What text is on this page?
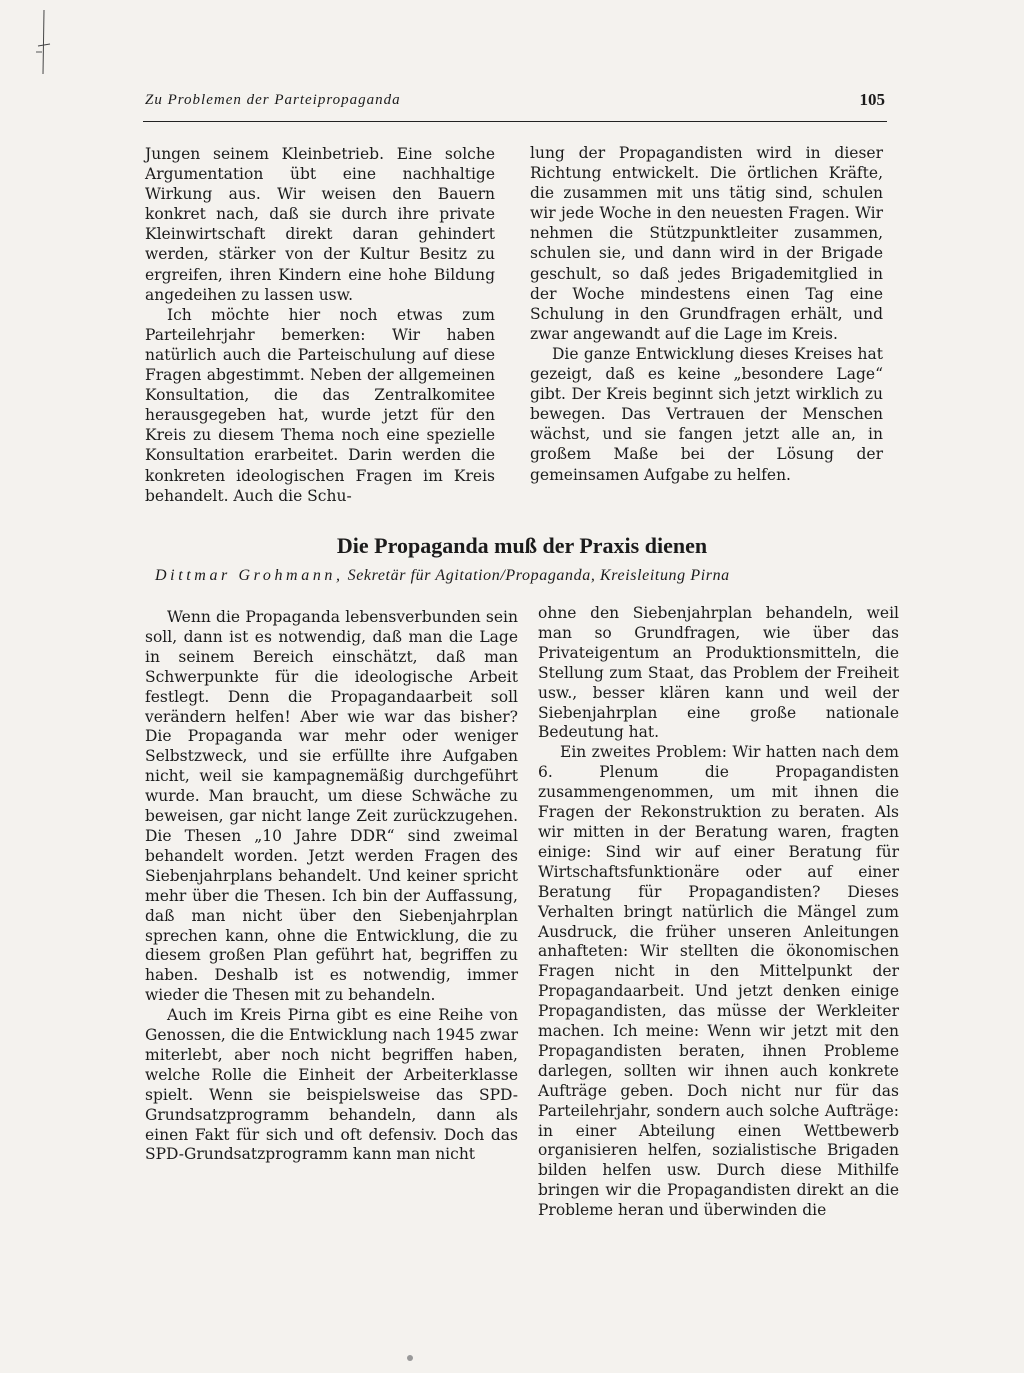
Zu Problemen der Parteipropaganda	105

Jungen seinem Kleinbetrieb. Eine solche Argumentation übt eine nachhaltige Wirkung aus. Wir weisen den Bauern konkret nach, daß sie durch ihre private Kleinwirtschaft direkt daran gehindert werden, stärker von der Kultur Besitz zu ergreifen, ihren Kindern eine hohe Bildung angedeihen zu lassen usw.

Ich möchte hier noch etwas zum Parteilehrjahr bemerken: Wir haben natürlich auch die Parteischulung auf diese Fragen abgestimmt. Neben der allgemeinen Konsultation, die das Zentralkomitee herausgegeben hat, wurde jetzt für den Kreis zu diesem Thema noch eine spezielle Konsultation erarbeitet. Darin werden die konkreten ideologischen Fragen im Kreis behandelt. Auch die Schu-

lung der Propagandisten wird in dieser Richtung entwickelt. Die örtlichen Kräfte, die zusammen mit uns tätig sind, schulen wir jede Woche in den neuesten Fragen. Wir nehmen die Stützpunktleiter zusammen, schulen sie, und dann wird in der Brigade geschult, so daß jedes Brigademitglied in der Woche mindestens einen Tag eine Schulung in den Grundfragen erhält, und zwar angewandt auf die Lage im Kreis.

Die ganze Entwicklung dieses Kreises hat gezeigt, daß es keine „besondere Lage“ gibt. Der Kreis beginnt sich jetzt wirklich zu bewegen. Das Vertrauen der Menschen wächst, und sie fangen jetzt alle an, in großem Maße bei der Lösung der gemeinsamen Aufgabe zu helfen.

Die Propaganda muß der Praxis dienen
Dittmar Grohmann, Sekretär für Agitation/Propaganda, Kreisleitung Pirna

Wenn die Propaganda lebensverbunden sein soll, dann ist es notwendig, daß man die Lage in seinem Bereich einschätzt, daß man Schwerpunkte für die ideologische Arbeit festlegt. Denn die Propagandaarbeit soll verändern helfen! Aber wie war das bisher? Die Propaganda war mehr oder weniger Selbstzweck, und sie erfüllte ihre Aufgaben nicht, weil sie kampagnemäßig durchgeführt wurde. Man braucht, um diese Schwäche zu beweisen, gar nicht lange Zeit zurückzugehen. Die Thesen „10 Jahre DDR“ sind zweimal behandelt worden. Jetzt werden Fragen des Siebenjahrplans behandelt. Und keiner spricht mehr über die Thesen. Ich bin der Auffassung, daß man nicht über den Siebenjahrplan sprechen kann, ohne die Entwicklung, die zu diesem großen Plan geführt hat, begriffen zu haben. Deshalb ist es notwendig, immer wieder die Thesen mit zu behandeln.

Auch im Kreis Pirna gibt es eine Reihe von Genossen, die die Entwicklung nach 1945 zwar miterlebt, aber noch nicht begriffen haben, welche Rolle die Einheit der Arbeiterklasse spielt. Wenn sie beispielsweise das SPD-Grundsatzprogramm behandeln, dann als einen Fakt für sich und oft defensiv. Doch das SPD-Grundsatzprogramm kann man nicht

ohne den Siebenjahrplan behandeln, weil man so Grundfragen, wie über das Privateigentum an Produktionsmitteln, die Stellung zum Staat, das Problem der Freiheit usw., besser klären kann und weil der Siebenjahrplan eine große nationale Bedeutung hat.

Ein zweites Problem: Wir hatten nach dem 6. Plenum die Propagandisten zusammengenommen, um mit ihnen die Fragen der Rekonstruktion zu beraten. Als wir mitten in der Beratung waren, fragten einige: Sind wir auf einer Beratung für Wirtschaftsfunktionäre oder auf einer Beratung für Propagandisten? Dieses Verhalten bringt natürlich die Mängel zum Ausdruck, die früher unseren Anleitungen anhafteten: Wir stellten die ökonomischen Fragen nicht in den Mittelpunkt der Propagandaarbeit. Und jetzt denken einige Propagandisten, das müsse der Werkleiter machen. Ich meine: Wenn wir jetzt mit den Propagandisten beraten, ihnen Probleme darlegen, sollten wir ihnen auch konkrete Aufträge geben. Doch nicht nur für das Parteilehrjahr, sondern auch solche Aufträge: in einer Abteilung einen Wettbewerb organisieren helfen, sozialistische Brigaden bilden helfen usw. Durch diese Mithilfe bringen wir die Propagandisten direkt an die Probleme heran und überwinden die
